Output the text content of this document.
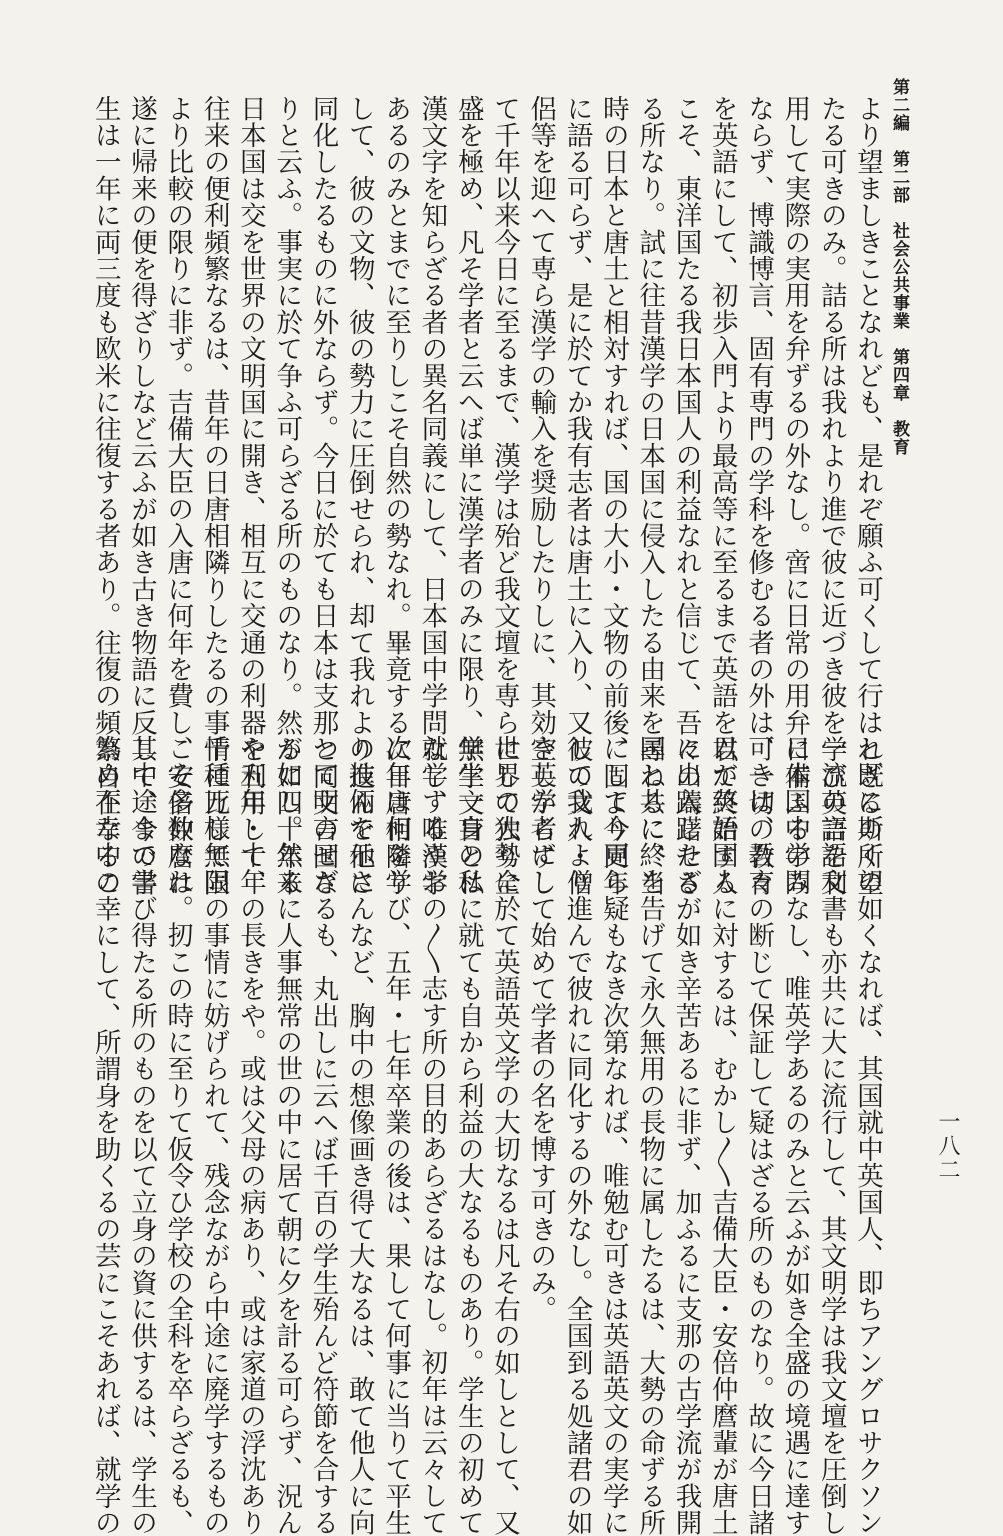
第二編　第二部　社会公共事業　第四章　教育
一八二
より望ましきことなれども、是れぞ願ふ可くして行はれざるの所望
たる可きのみ。詰る所は我れより進で彼に近づき彼を学び英語を利
用して実際の実用を弁ずるの外なし。啻に日常の用弁に備ふるのみ
ならず、博識博言、固有専門の学科を修むる者の外は、一切の教育
を英語にして、初歩入門より最高等に至るまで英語を以て終始する
こそ、東洋国たる我日本国人の利益なれと信じて、吾々の躊躇せざ
る所なり。試に往昔漢学の日本国に侵入したる由来を尋ねるに、当
時の日本と唐土と相対すれば、国の大小・文物の前後、固より同年
に語る可らず、是に於てか我有志者は唐土に入り、又彼の文人・僧
侶等を迎へて専ら漢学の輸入を奨励したりしに、其効空しからずし
て千年以来今日に至るまで、漢学は殆ど我文壇を専らにして独り全
盛を極め、凡そ学者と云へば単に漢学者のみに限り、無学文盲とは
漢文字を知らざる者の異名同義にして、日本国中学問なし、唯漢学
あるのみとまでに至りしこそ自然の勢なれ。畢竟するに日唐相隣り
して、彼の文物、彼の勢力に圧倒せられ、却て我れより進んで他に
同化したるものに外ならず。今日に於ても日本は支那と同文の国な
りと云ふ。事実に於て争ふ可らざる所のものなり。然るに四十年来
日本国は交を世界の文明国に開き、相互に交通の利器を利用して、
往来の便利頻繁なるは、昔年の日唐相隣りしたるの事情に比して固
より比較の限りに非ず。吉備大臣の入唐に何年を費し、安倍仲麿は
遂に帰来の便を得ざりしなど云ふが如き古き物語に反して、今の書
生は一年に両三度も欧米に往復する者あり。往復の頻繁自在なるこ
と既に斯くの如くなれば、其国就中英国人、即ちアングロサクソン
一流の言語文書も亦共に大に流行して、其文明学は我文壇を圧倒し
日本国中学問なし、唯英学あるのみと云ふが如き全盛の境遇に達す
可きは、吾々の断じて保証して疑はざる所のものなり。故に今日諸
君が英語国人に対するは、むかし〳〵吉備大臣・安倍仲麿輩が唐土
に出入したるが如き辛苦あるに非ず、加ふるに支那の古学流が我開
国と共に終を告げて永久無用の長物に属したるは、大勢の命ずる所
にして今更ら疑もなき次第なれば、唯勉む可きは英語英文の実学に
して我れより進んで彼れに同化するの外なし。全国到る処諸君の如
き英学者にして始めて学者の名を博す可きのみ。
世界の大勢に於て英語英文学の大切なるは凡そ右の如しとして、又
学生一身の私に就ても自から利益の大なるものあり。学生の初めて
就学するやおの〳〵志す所の目的あらざるはなし。初年は云々して
次年は何を学び、五年・七年卒業の後は、果して何事に当りて平生
の技倆を示さんなど、胸中の想像画き得て大なるは、敢て他人に向
つて明言せざるも、丸出しに云へば千百の学生殆んど符節を合する
が如し。然るに人事無常の世の中に居て朝に夕を計る可らず、況ん
や五年・十年の長きをや。或は父母の病あり、或は家道の浮沈あり
千種万様無限の事情に妨げられて、残念ながら中途に廃学するもの
こそ多数なれ。扨この時に至りて仮令ひ学校の全科を卒らざるも、
其中途まで学び得たる所のものを以て立身の資に供するは、学生の
為め不幸中の幸にして、所謂身を助くるの芸にこそあれば、就学の
